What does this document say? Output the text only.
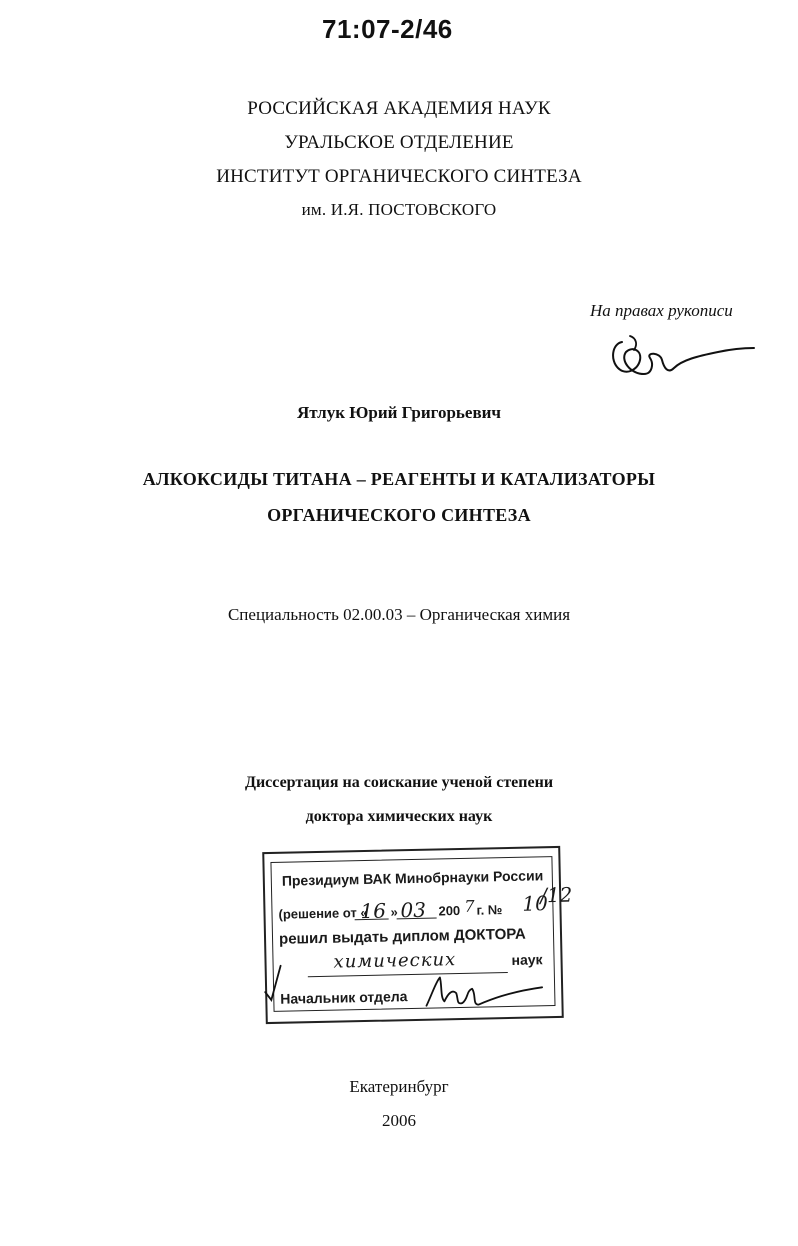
71:07-2/46
РОССИЙСКАЯ АКАДЕМИЯ НАУК
УРАЛЬСКОЕ ОТДЕЛЕНИЕ
ИНСТИТУТ ОРГАНИЧЕСКОГО СИНТЕЗА
им. И.Я. ПОСТОВСКОГО
На правах рукописи
Ятлук Юрий Григорьевич
АЛКОКСИДЫ ТИТАНА – РЕАГЕНТЫ И КАТАЛИЗАТОРЫ
ОРГАНИЧЕСКОГО СИНТЕЗА
Специальность 02.00.03 – Органическая химия
Диссертация на соискание ученой степени
доктора химических наук
Президиум ВАК Минобрнауки России
(решение от « »	200 г. №
16 03 7 10
/12
решил выдать диплом ДОКТОРА
химических	наук
Начальник отдела
Екатеринбург
2006
